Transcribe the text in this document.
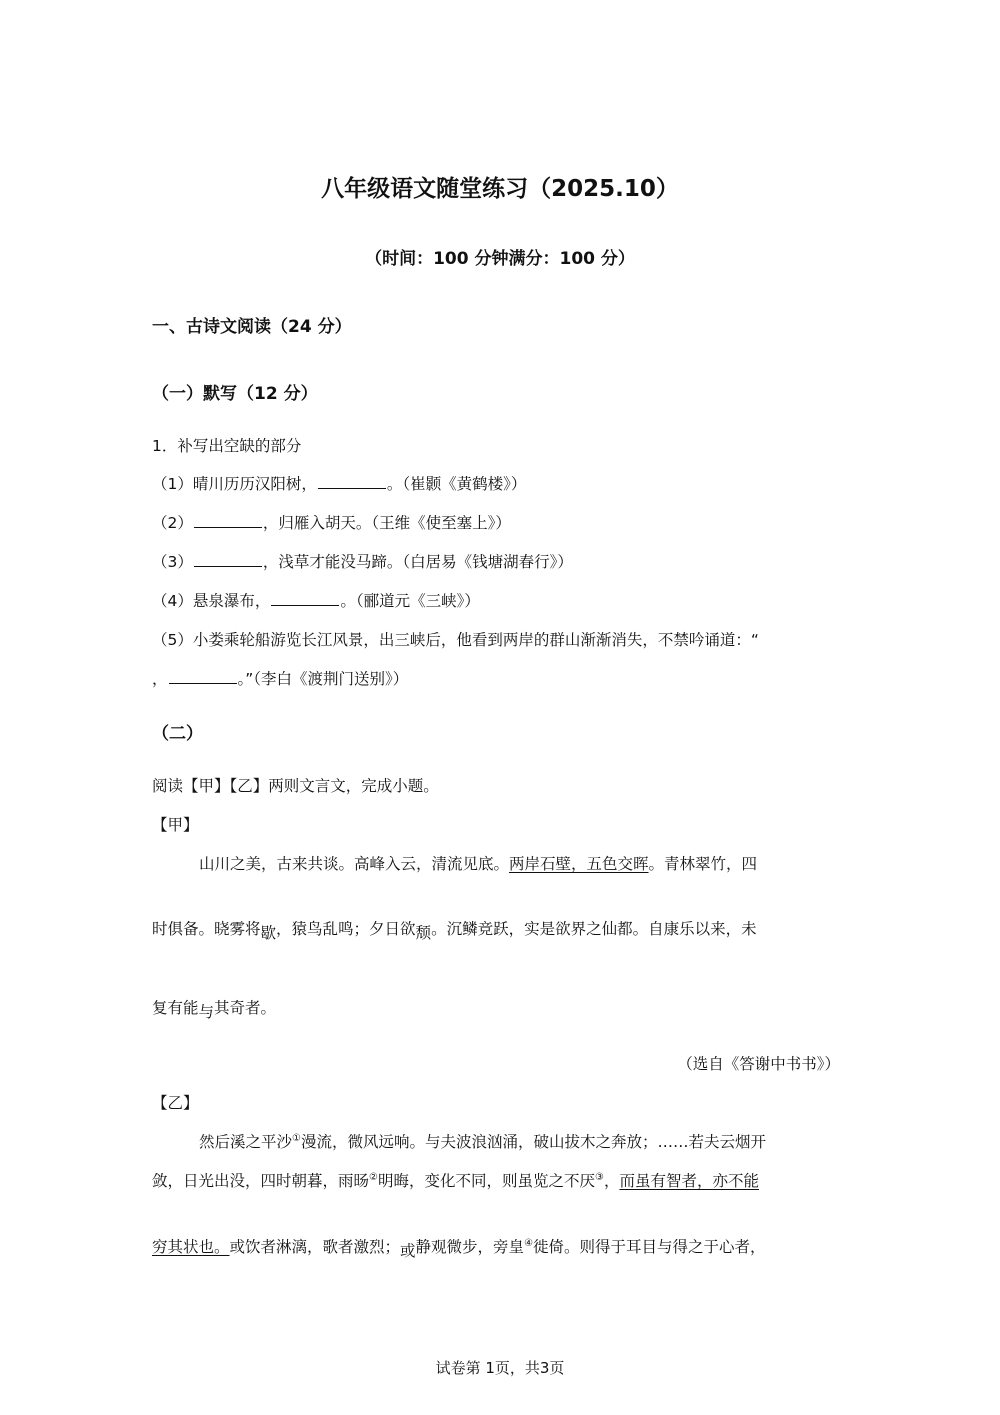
八年级语文随堂练习（2025.10）
（时间：100 分钟满分：100 分）
一、古诗文阅读（24 分）
（一）默写（12 分）
1．补写出空缺的部分
（1）晴川历历汉阳树，	。（崔颢《黄鹤楼》）
（2）	，归雁入胡天。（王维《使至塞上》）
（3）	，浅草才能没马蹄。（白居易《钱塘湖春行》）
（4）悬泉瀑布，	。（郦道元《三峡》）
（5）小娄乘轮船游览长江风景，出三峡后，他看到两岸的群山渐渐消失，不禁吟诵道：“
，	。”（李白《渡荆门送别》）
（二）
阅读【甲】【乙】两则文言文，完成小题。
【甲】
山川之美，古来共谈。高峰入云，清流见底。两岸石壁，五色交晖。青林翠竹，四
时俱备。晓雾将歇，猿鸟乱鸣；夕日欲颓。沉鳞竞跃，实是欲界之仙都。自康乐以来，未
复有能与其奇者。
（选自《答谢中书书》）
【乙】
然后溪之平沙①漫流，微风远响。与夫波浪汹涌，破山拔木之奔放；……若夫云烟开
敛，日光出没，四时朝暮，雨旸②明晦，变化不同，则虽览之不厌③，而虽有智者，亦不能
穷其状也。或饮者淋漓，歌者激烈；或静观微步，旁皇④徙倚。则得于耳目与得之于心者，
试卷第 1页，共3页
